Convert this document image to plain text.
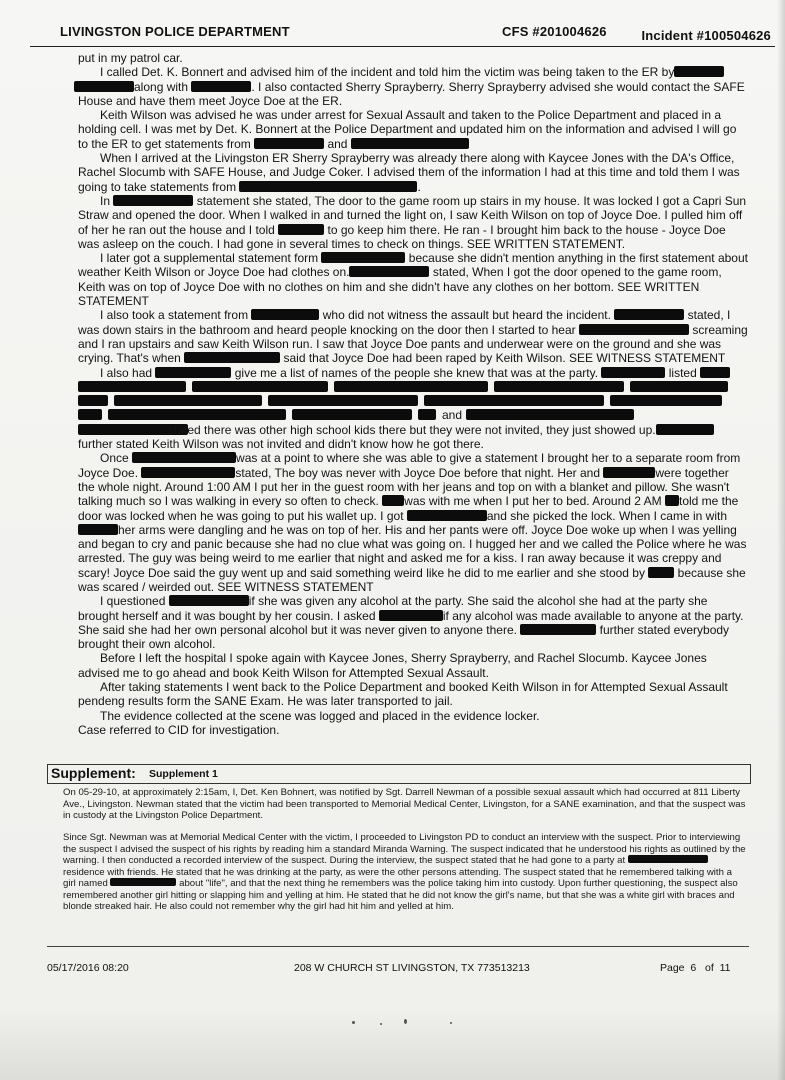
LIVINGSTON POLICE DEPARTMENT	CFS #201004626	Incident #100504626

put in my patrol car.

I called Det. K. Bonnert and advised him of the incident and told him the victim was being taken to the ER by along with	. I also contacted Sherry Sprayberry. Sherry Sprayberry advised she would contact the SAFE House and have them meet Joyce Doe at the ER.

Keith Wilson was advised he was under arrest for Sexual Assault and taken to the Police Department and placed in a holding cell. I was met by Det. K. Bonnert at the Police Department and updated him on the information and advised I will go to the ER to get statements from	and

When I arrived at the Livingston ER Sherry Sprayberry was already there along with Kaycee Jones with the DA's Office, Rachel Slocumb with SAFE House, and Judge Coker. I advised them of the information I had at this time and told them I was going to take statements from	.

In	statement she stated, The door to the game room up stairs in my house. It was locked I got a Capri Sun Straw and opened the door. When I walked in and turned the light on, I saw Keith Wilson on top of Joyce Doe. I pulled him off of her he ran out the house and I told	to go keep him there. He ran - I brought him back to the house - Joyce Doe was asleep on the couch. I had gone in several times to check on things. SEE WRITTEN STATEMENT.

I later got a supplemental statement form	because she didn't mention anything in the first statement about weather Keith Wilson or Joyce Doe had clothes on.	stated, When I got the door opened to the game room, Keith was on top of Joyce Doe with no clothes on him and she didn't have any clothes on her bottom. SEE WRITTEN STATEMENT

I also took a statement from	who did not witness the assault but heard the incident.	stated, I was down stairs in the bathroom and heard people knocking on the door then I started to hear	screaming and I ran upstairs and saw Keith Wilson run. I saw that Joyce Doe pants and underwear were on the ground and she was crying. That's when	said that Joyce Doe had been raped by Keith Wilson. SEE WITNESS STATEMENT

I also had	give me a list of names of the people she knew that was at the party.	listed

and

stated there was other high school kids there but they were not invited, they just showed up. further stated Keith Wilson was not invited and didn't know how he got there.

Once	was at a point to where she was able to give a statement I brought her to a separate room from Joyce Doe.	stated, The boy was never with Joyce Doe before that night. Her and	were together the whole night. Around 1:00 AM I put her in the guest room with her jeans and top on with a blanket and pillow. She wasn't talking much so I was walking in every so often to check. was with me when I put her to bed. Around 2 AM told me the door was locked when he was going to put his wallet up. I got	and she picked the lock. When I came in with her arms were dangling and he was on top of her. His and her pants were off. Joyce Doe woke up when I was yelling and began to cry and panic because she had no clue what was going on. I hugged her and we called the Police where he was arrested. The guy was being weird to me earlier that night and asked me for a kiss. I ran away because it was creppy and scary! Joyce Doe said the guy went up and said something weird like he did to me earlier and she stood by	because she was scared / weirded out. SEE WITNESS STATEMENT

I questioned	if she was given any alcohol at the party. She said the alcohol she had at the party she brought herself and it was bought by her cousin. I asked	if any alcohol was made available to anyone at the party. She said she had her own personal alcohol but it was never given to anyone there.	further stated everybody brought their own alcohol.

Before I left the hospital I spoke again with Kaycee Jones, Sherry Sprayberry, and Rachel Slocumb. Kaycee Jones advised me to go ahead and book Keith Wilson for Attempted Sexual Assault.

After taking statements I went back to the Police Department and booked Keith Wilson in for Attempted Sexual Assault pendeng results form the SANE Exam. He was later transported to jail.

The evidence collected at the scene was logged and placed in the evidence locker.

Case referred to CID for investigation.

Supplement: Supplement 1

On 05-29-10, at approximately 2:15am, I, Det. Ken Bohnert, was notified by Sgt. Darrell Newman of a possible sexual assault which had occurred at 811 Liberty Ave., Livingston. Newman stated that the victim had been transported to Memorial Medical Center, Livingston, for a SANE examination, and that the suspect was in custody at the Livingston Police Department.

Since Sgt. Newman was at Memorial Medical Center with the victim, I proceeded to Livingston PD to conduct an interview with the suspect. Prior to interviewing the suspect I advised the suspect of his rights by reading him a standard Miranda Warning. The suspect indicated that he understood his rights as outlined by the warning. I then conducted a recorded interview of the suspect. During the interview, the suspect stated that he had gone to a party at  residence with friends. He stated that he was drinking at the party, as were the other persons attending. The suspect stated that he remembered talking with a girl named	about "life", and that the next thing he remembers was the police taking him into custody. Upon further questioning, the suspect also remembered another girl hitting or slapping him and yelling at him. He stated that he did not know the girl's name, but that she was a white girl with braces and blonde streaked hair. He also could not remember why the girl had hit him and yelled at him.

05/17/2016 08:20	208 W CHURCH ST LIVINGSTON, TX 773513213	Page 6 of 11
